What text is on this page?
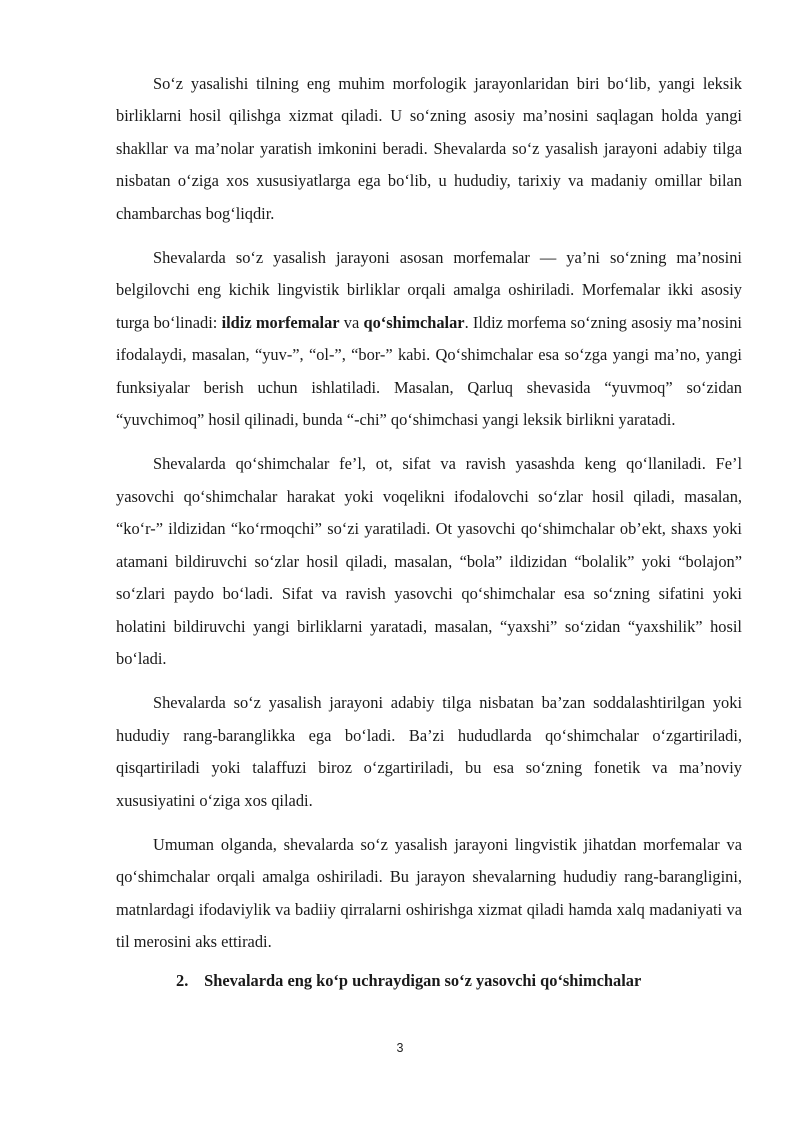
So‘z yasalishi tilning eng muhim morfologik jarayonlaridan biri bo‘lib, yangi leksik birliklarni hosil qilishga xizmat qiladi. U so‘zning asosiy ma’nosini saqlagan holda yangi shakllar va ma’nolar yaratish imkonini beradi. Shevalarda so‘z yasalish jarayoni adabiy tilga nisbatan o‘ziga xos xususiyatlarga ega bo‘lib, u hududiy, tarixiy va madaniy omillar bilan chambarchas bog‘liqdir.

Shevalarda so‘z yasalish jarayoni asosan morfemalar — ya’ni so‘zning ma’nosini belgilovchi eng kichik lingvistik birliklar orqali amalga oshiriladi. Morfemalar ikki asosiy turga bo‘linadi: ildiz morfemalar va qo‘shimchalar. Ildiz morfema so‘zning asosiy ma’nosini ifodalaydi, masalan, “yuv-”, “ol-”, “bor-” kabi. Qo‘shimchalar esa so‘zga yangi ma’no, yangi funksiyalar berish uchun ishlatiladi. Masalan, Qarluq shevasida “yuvmoq” so‘zidan “yuvchimoq” hosil qilinadi, bunda “-chi” qo‘shimchasi yangi leksik birlikni yaratadi.

Shevalarda qo‘shimchalar fe’l, ot, sifat va ravish yasashda keng qo‘llaniladi. Fe’l yasovchi qo‘shimchalar harakat yoki voqelikni ifodalovchi so‘zlar hosil qiladi, masalan, “ko‘r-” ildizidan “ko‘rmoqchi” so‘zi yaratiladi. Ot yasovchi qo‘shimchalar ob’ekt, shaxs yoki atamani bildiruvchi so‘zlar hosil qiladi, masalan, “bola” ildizidan “bolalik” yoki “bolajon” so‘zlari paydo bo‘ladi. Sifat va ravish yasovchi qo‘shimchalar esa so‘zning sifatini yoki holatini bildiruvchi yangi birliklarni yaratadi, masalan, “yaxshi” so‘zidan “yaxshilik” hosil bo‘ladi.

Shevalarda so‘z yasalish jarayoni adabiy tilga nisbatan ba’zan soddalashtirilgan yoki hududiy rang-baranglikka ega bo‘ladi. Ba’zi hududlarda qo‘shimchalar o‘zgartiriladi, qisqartiriladi yoki talaffuzi biroz o‘zgartiriladi, bu esa so‘zning fonetik va ma’noviy xususiyatini o‘ziga xos qiladi.

Umuman olganda, shevalarda so‘z yasalish jarayoni lingvistik jihatdan morfemalar va qo‘shimchalar orqali amalga oshiriladi. Bu jarayon shevalarning hududiy rang-barangligini, matnlardagi ifodaviylik va badiiy qirralarni oshirishga xizmat qiladi hamda xalq madaniyati va til merosini aks ettiradi.

2. Shevalarda eng ko‘p uchraydigan so‘z yasovchi qo‘shimchalar
3
